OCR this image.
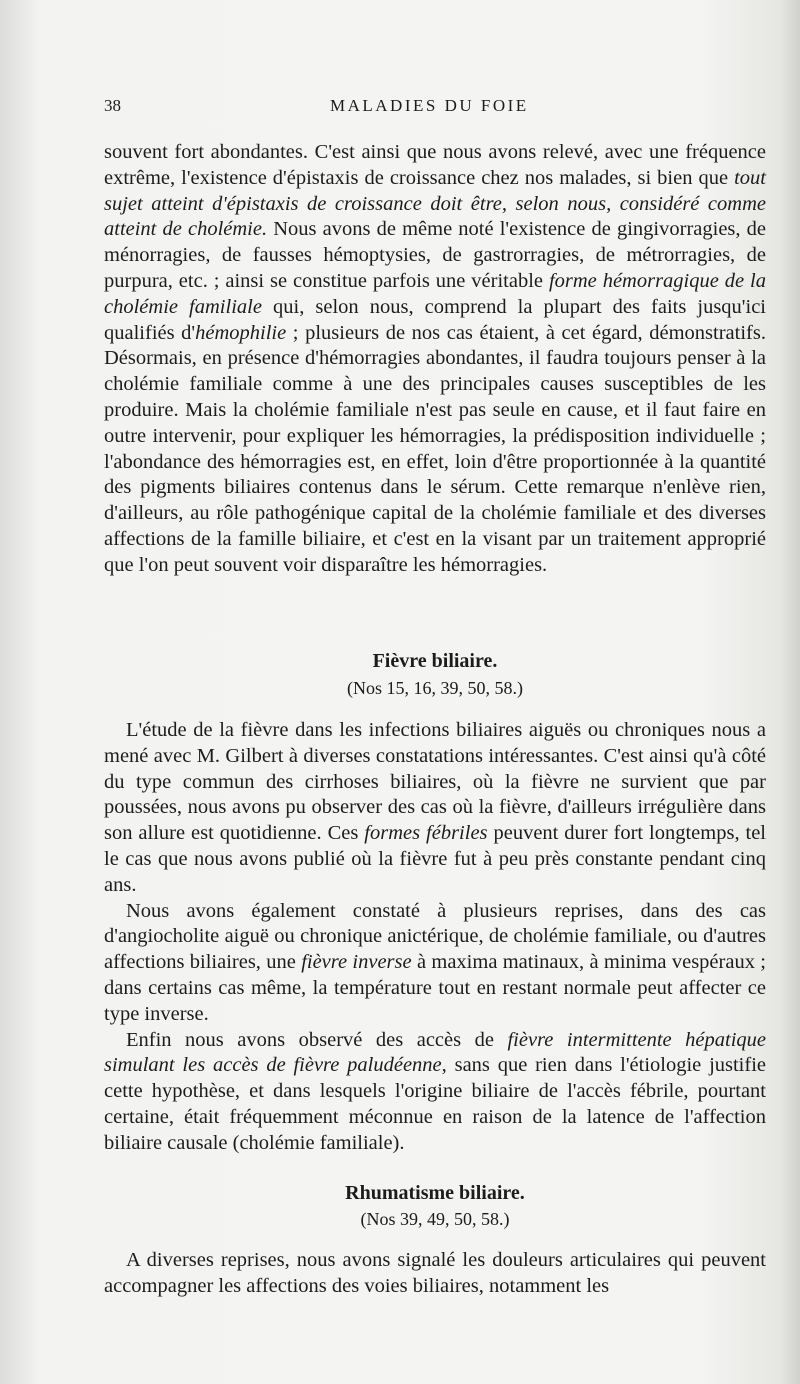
38	MALADIES DU FOIE

souvent fort abondantes. C'est ainsi que nous avons relevé, avec une fréquence extrême, l'existence d'épistaxis de croissance chez nos malades, si bien que tout sujet atteint d'épistaxis de croissance doit être, selon nous, considéré comme atteint de cholémie. Nous avons de même noté l'existence de gingivorragies, de ménorragies, de fausses hémoptysies, de gastrorragies, de métrorragies, de purpura, etc. ; ainsi se constitue parfois une véritable forme hémorragique de la cholémie familiale qui, selon nous, comprend la plupart des faits jusqu'ici qualifiés d'hémophilie ; plusieurs de nos cas étaient, à cet égard, démonstratifs. Désormais, en présence d'hémorragies abondantes, il faudra toujours penser à la cholémie familiale comme à une des principales causes susceptibles de les produire. Mais la cholémie familiale n'est pas seule en cause, et il faut faire en outre intervenir, pour expliquer les hémorragies, la prédisposition individuelle ; l'abondance des hémorragies est, en effet, loin d'être proportionnée à la quantité des pigments biliaires contenus dans le sérum. Cette remarque n'enlève rien, d'ailleurs, au rôle pathogénique capital de la cholémie familiale et des diverses affections de la famille biliaire, et c'est en la visant par un traitement approprié que l'on peut souvent voir disparaître les hémorragies.

Fièvre biliaire.
(Nos 15, 16, 39, 50, 58.)

L'étude de la fièvre dans les infections biliaires aiguës ou chroniques nous a mené avec M. Gilbert à diverses constatations intéressantes. C'est ainsi qu'à côté du type commun des cirrhoses biliaires, où la fièvre ne survient que par poussées, nous avons pu observer des cas où la fièvre, d'ailleurs irrégulière dans son allure est quotidienne. Ces formes fébriles peuvent durer fort longtemps, tel le cas que nous avons publié où la fièvre fut à peu près constante pendant cinq ans.

Nous avons également constaté à plusieurs reprises, dans des cas d'angiocholite aiguë ou chronique anictérique, de cholémie familiale, ou d'autres affections biliaires, une fièvre inverse à maxima matinaux, à minima vespéraux ; dans certains cas même, la température tout en restant normale peut affecter ce type inverse.

Enfin nous avons observé des accès de fièvre intermittente hépatique simulant les accès de fièvre paludéenne, sans que rien dans l'étiologie justifie cette hypothèse, et dans lesquels l'origine biliaire de l'accès fébrile, pourtant certaine, était fréquemment méconnue en raison de la latence de l'affection biliaire causale (cholémie familiale).

Rhumatisme biliaire.
(Nos 39, 49, 50, 58.)

A diverses reprises, nous avons signalé les douleurs articulaires qui peuvent accompagner les affections des voies biliaires, notamment les
